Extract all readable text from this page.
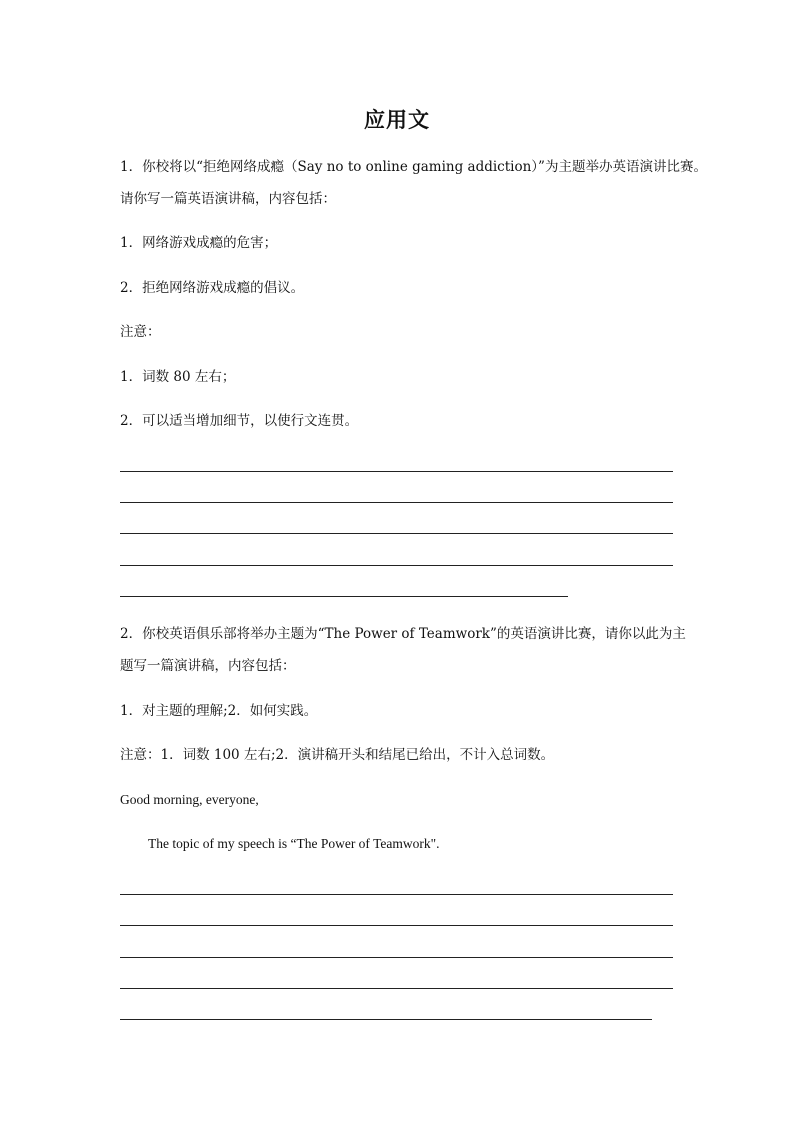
应用文
1．你校将以“拒绝网络成瘾（Say no to online gaming addiction）”为主题举办英语演讲比赛。
请你写一篇英语演讲稿，内容包括：
1．网络游戏成瘾的危害；
2．拒绝网络游戏成瘾的倡议。
注意：
1．词数 80 左右；
2．可以适当增加细节，以使行文连贯。
2．你校英语俱乐部将举办主题为“The Power of Teamwork”的英语演讲比赛，请你以此为主
题写一篇演讲稿，内容包括：
1．对主题的理解;2．如何实践。
注意：1．词数 100 左右;2．演讲稿开头和结尾已给出，不计入总词数。
Good morning, everyone,
The topic of my speech is “The Power of Teamwork".
